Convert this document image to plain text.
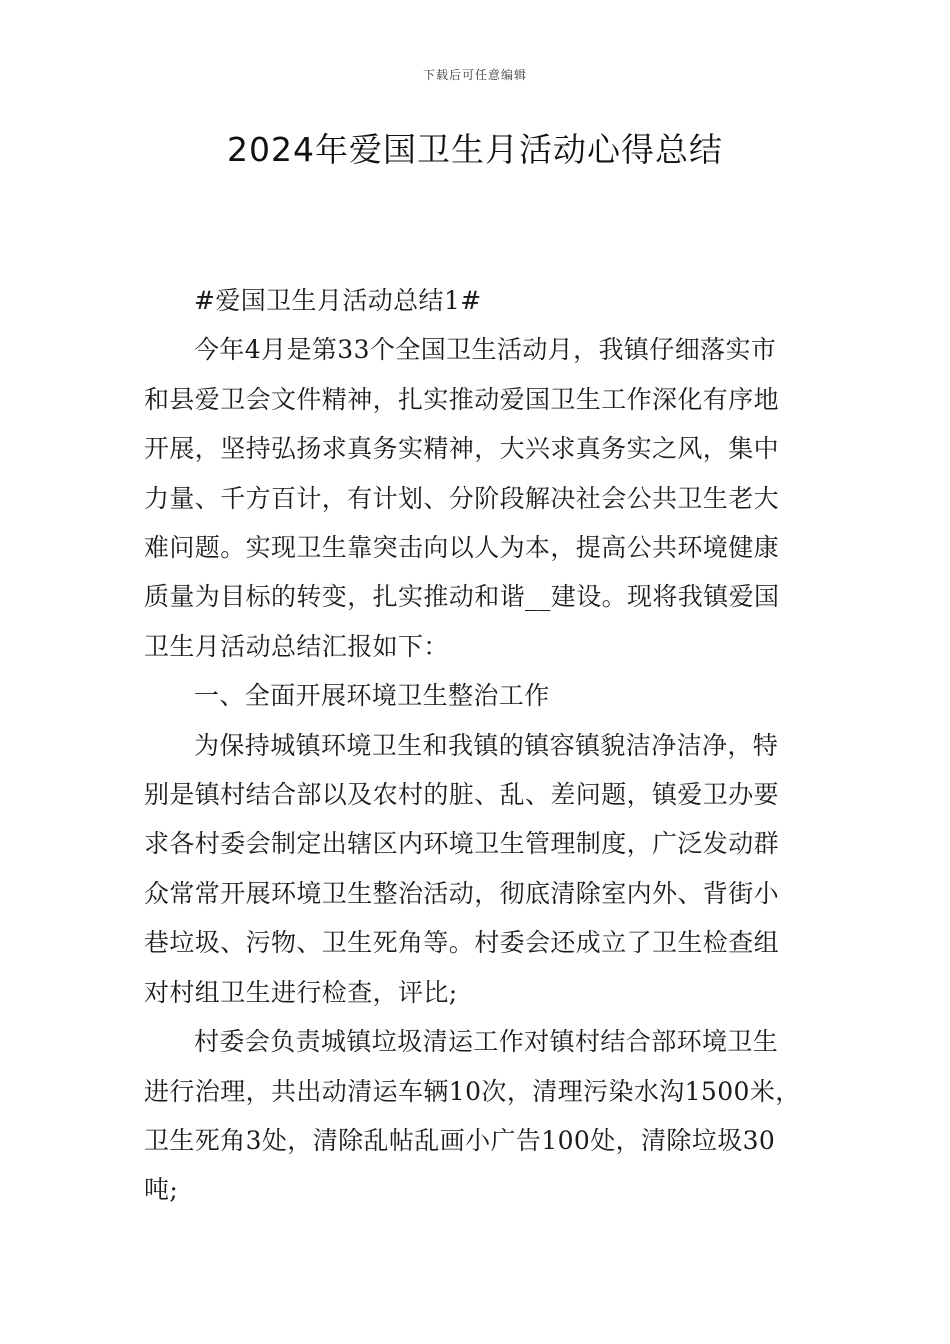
下载后可任意编辑
2024年爱国卫生月活动心得总结
#爱国卫生月活动总结1#
今年4月是第33个全国卫生活动月，我镇仔细落实市
和县爱卫会文件精神，扎实推动爱国卫生工作深化有序地
开展，坚持弘扬求真务实精神，大兴求真务实之风，集中
力量、千方百计，有计划、分阶段解决社会公共卫生老大
难问题。实现卫生靠突击向以人为本，提高公共环境健康
质量为目标的转变，扎实推动和谐__建设。现将我镇爱国
卫生月活动总结汇报如下：
一、全面开展环境卫生整治工作
为保持城镇环境卫生和我镇的镇容镇貌洁净洁净，特
别是镇村结合部以及农村的脏、乱、差问题，镇爱卫办要
求各村委会制定出辖区内环境卫生管理制度，广泛发动群
众常常开展环境卫生整治活动，彻底清除室内外、背街小
巷垃圾、污物、卫生死角等。村委会还成立了卫生检查组
对村组卫生进行检查，评比;
村委会负责城镇垃圾清运工作对镇村结合部环境卫生
进行治理，共出动清运车辆10次，清理污染水沟1500米，
卫生死角3处，清除乱帖乱画小广告100处，清除垃圾30
吨;
